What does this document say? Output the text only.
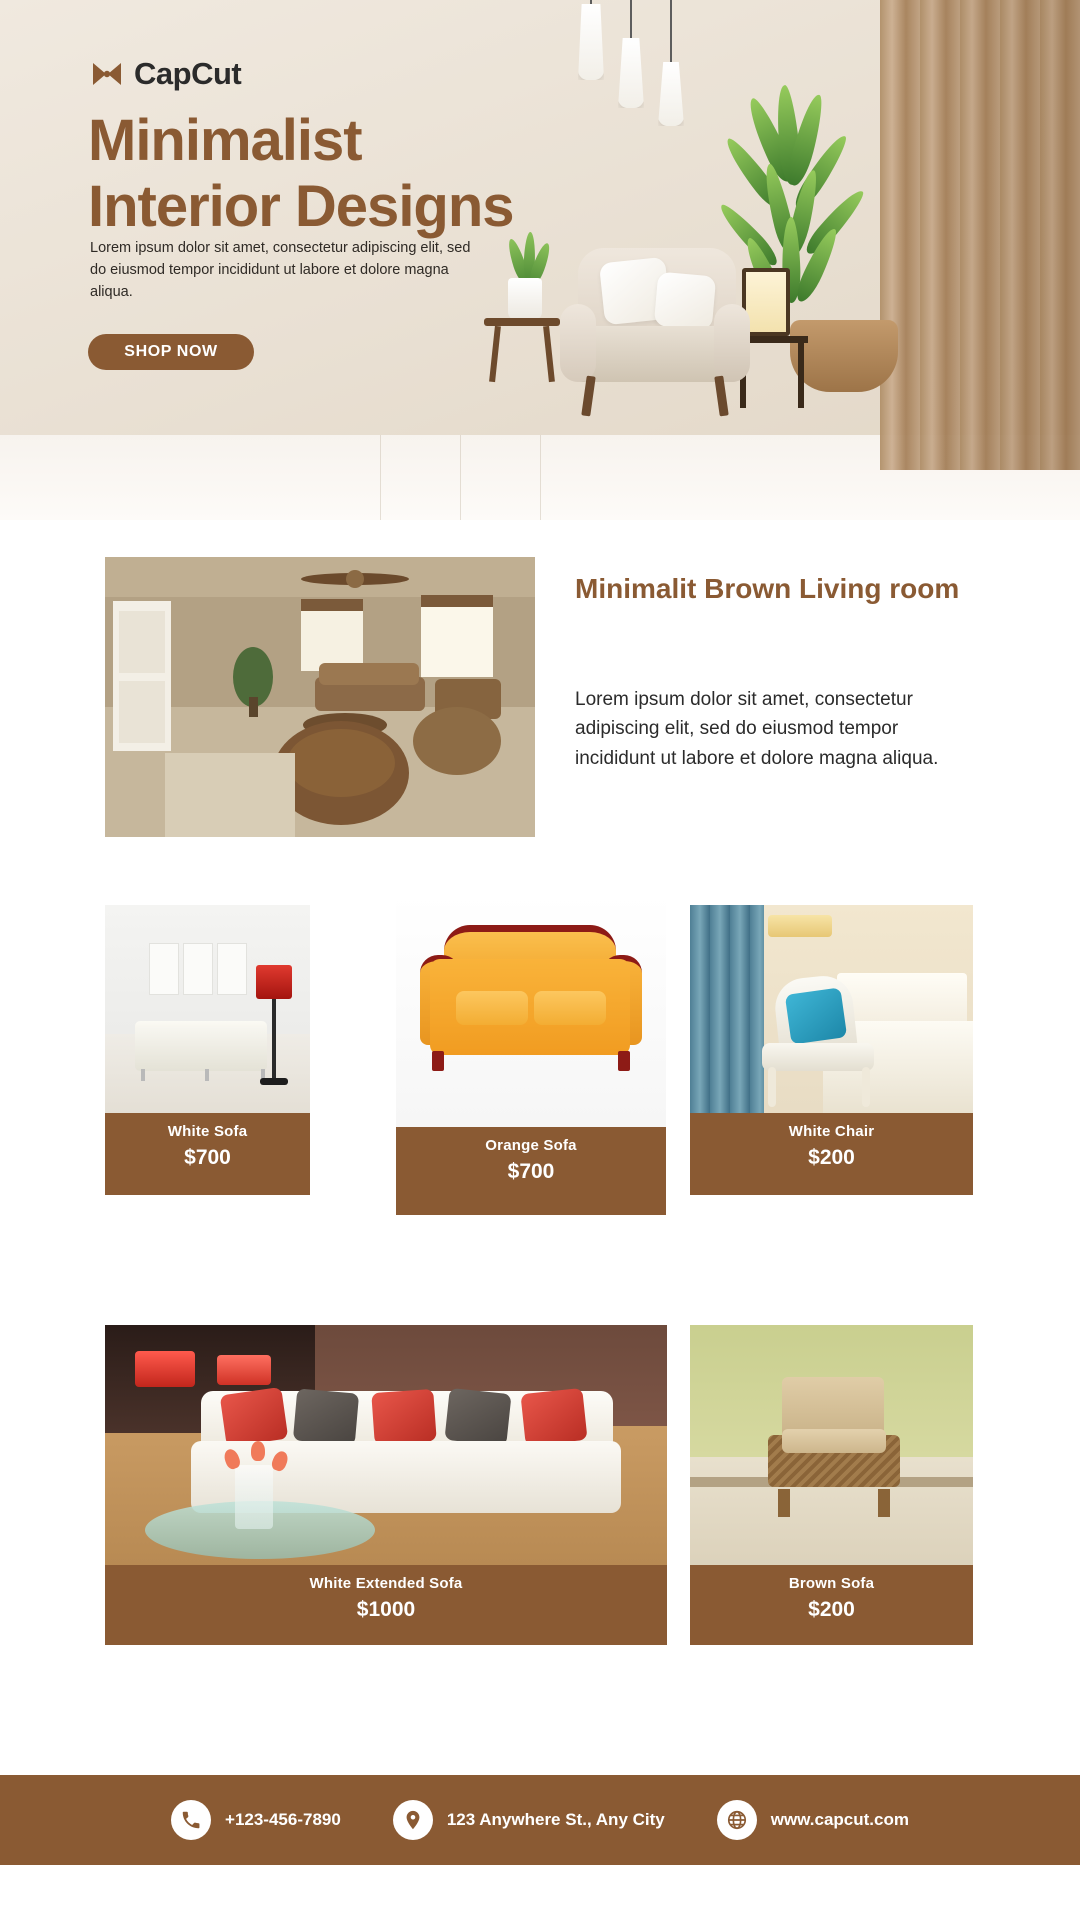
CapCut
Minimalist
Interior Designs

Lorem ipsum dolor sit amet, consectetur adipiscing elit, sed do eiusmod tempor incididunt ut labore et dolore magna aliqua.

SHOP NOW
Minimalit Brown Living room

Lorem ipsum dolor sit amet, consectetur adipiscing elit, sed do eiusmod tempor incididunt ut labore et dolore magna aliqua.

White Sofa
$700
Orange Sofa
$700
White Chair
$200
White Extended Sofa
$1000
Brown Sofa
$200
+123-456-7890	123 Anywhere St., Any City	www.capcut.com
